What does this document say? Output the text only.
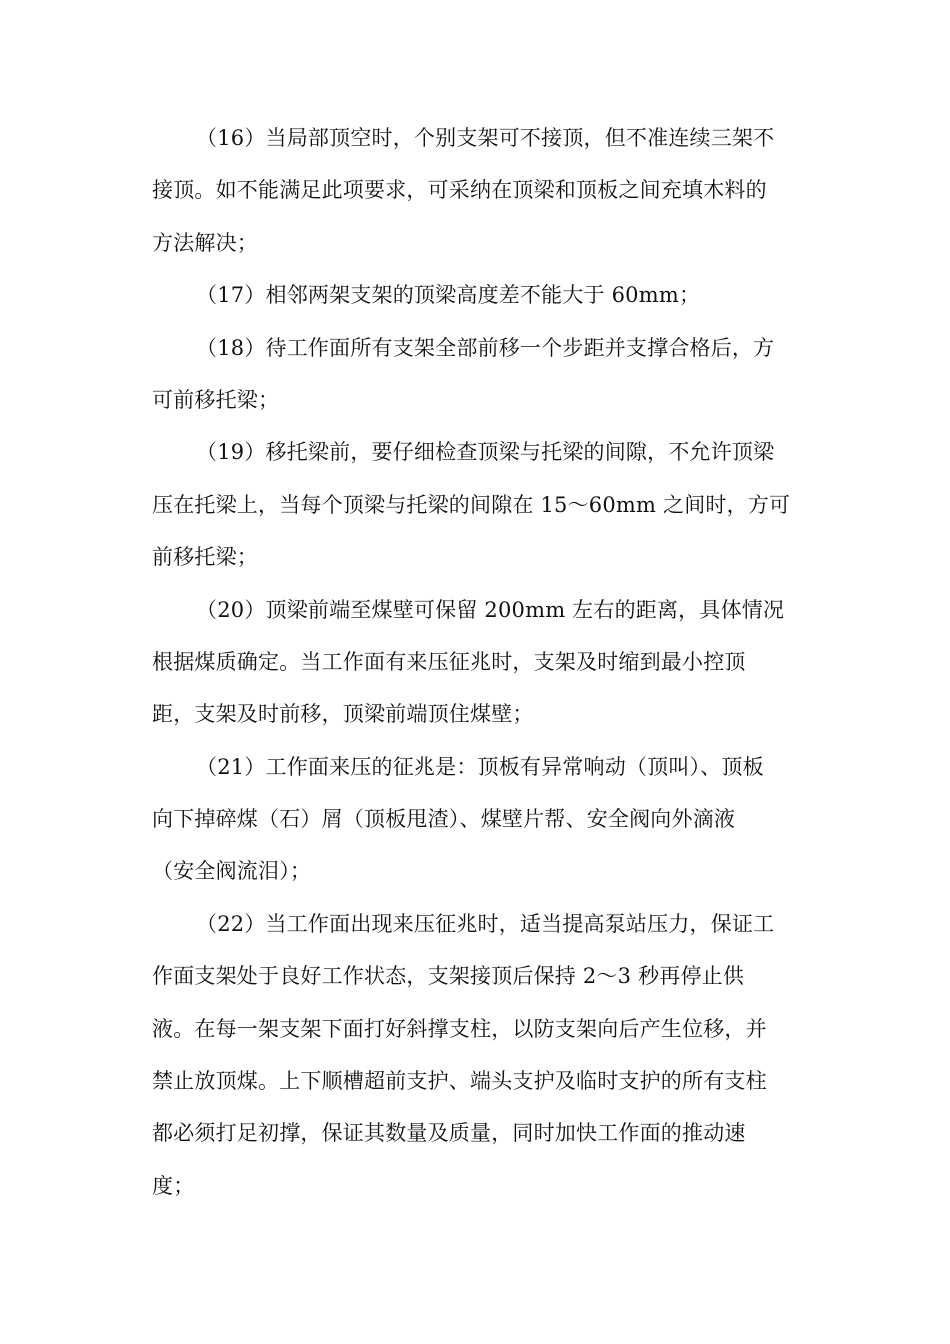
（16）当局部顶空时，个别支架可不接顶，但不准连续三架不
接顶。如不能满足此项要求，可采纳在顶梁和顶板之间充填木料的
方法解决；
（17）相邻两架支架的顶梁高度差不能大于 60mm；
（18）待工作面所有支架全部前移一个步距并支撑合格后，方
可前移托梁；
（19）移托梁前，要仔细检查顶梁与托梁的间隙，不允许顶梁
压在托梁上，当每个顶梁与托梁的间隙在 15～60mm 之间时，方可
前移托梁；
（20）顶梁前端至煤壁可保留 200mm 左右的距离，具体情况
根据煤质确定。当工作面有来压征兆时，支架及时缩到最小控顶
距，支架及时前移，顶梁前端顶住煤壁；
（21）工作面来压的征兆是：顶板有异常响动（顶叫）、顶板
向下掉碎煤（石）屑（顶板甩渣）、煤壁片帮、安全阀向外滴液
（安全阀流泪）；
（22）当工作面出现来压征兆时，适当提高泵站压力，保证工
作面支架处于良好工作状态，支架接顶后保持 2～3 秒再停止供
液。在每一架支架下面打好斜撑支柱，以防支架向后产生位移，并
禁止放顶煤。上下顺槽超前支护、端头支护及临时支护的所有支柱
都必须打足初撑，保证其数量及质量，同时加快工作面的推动速
度；
